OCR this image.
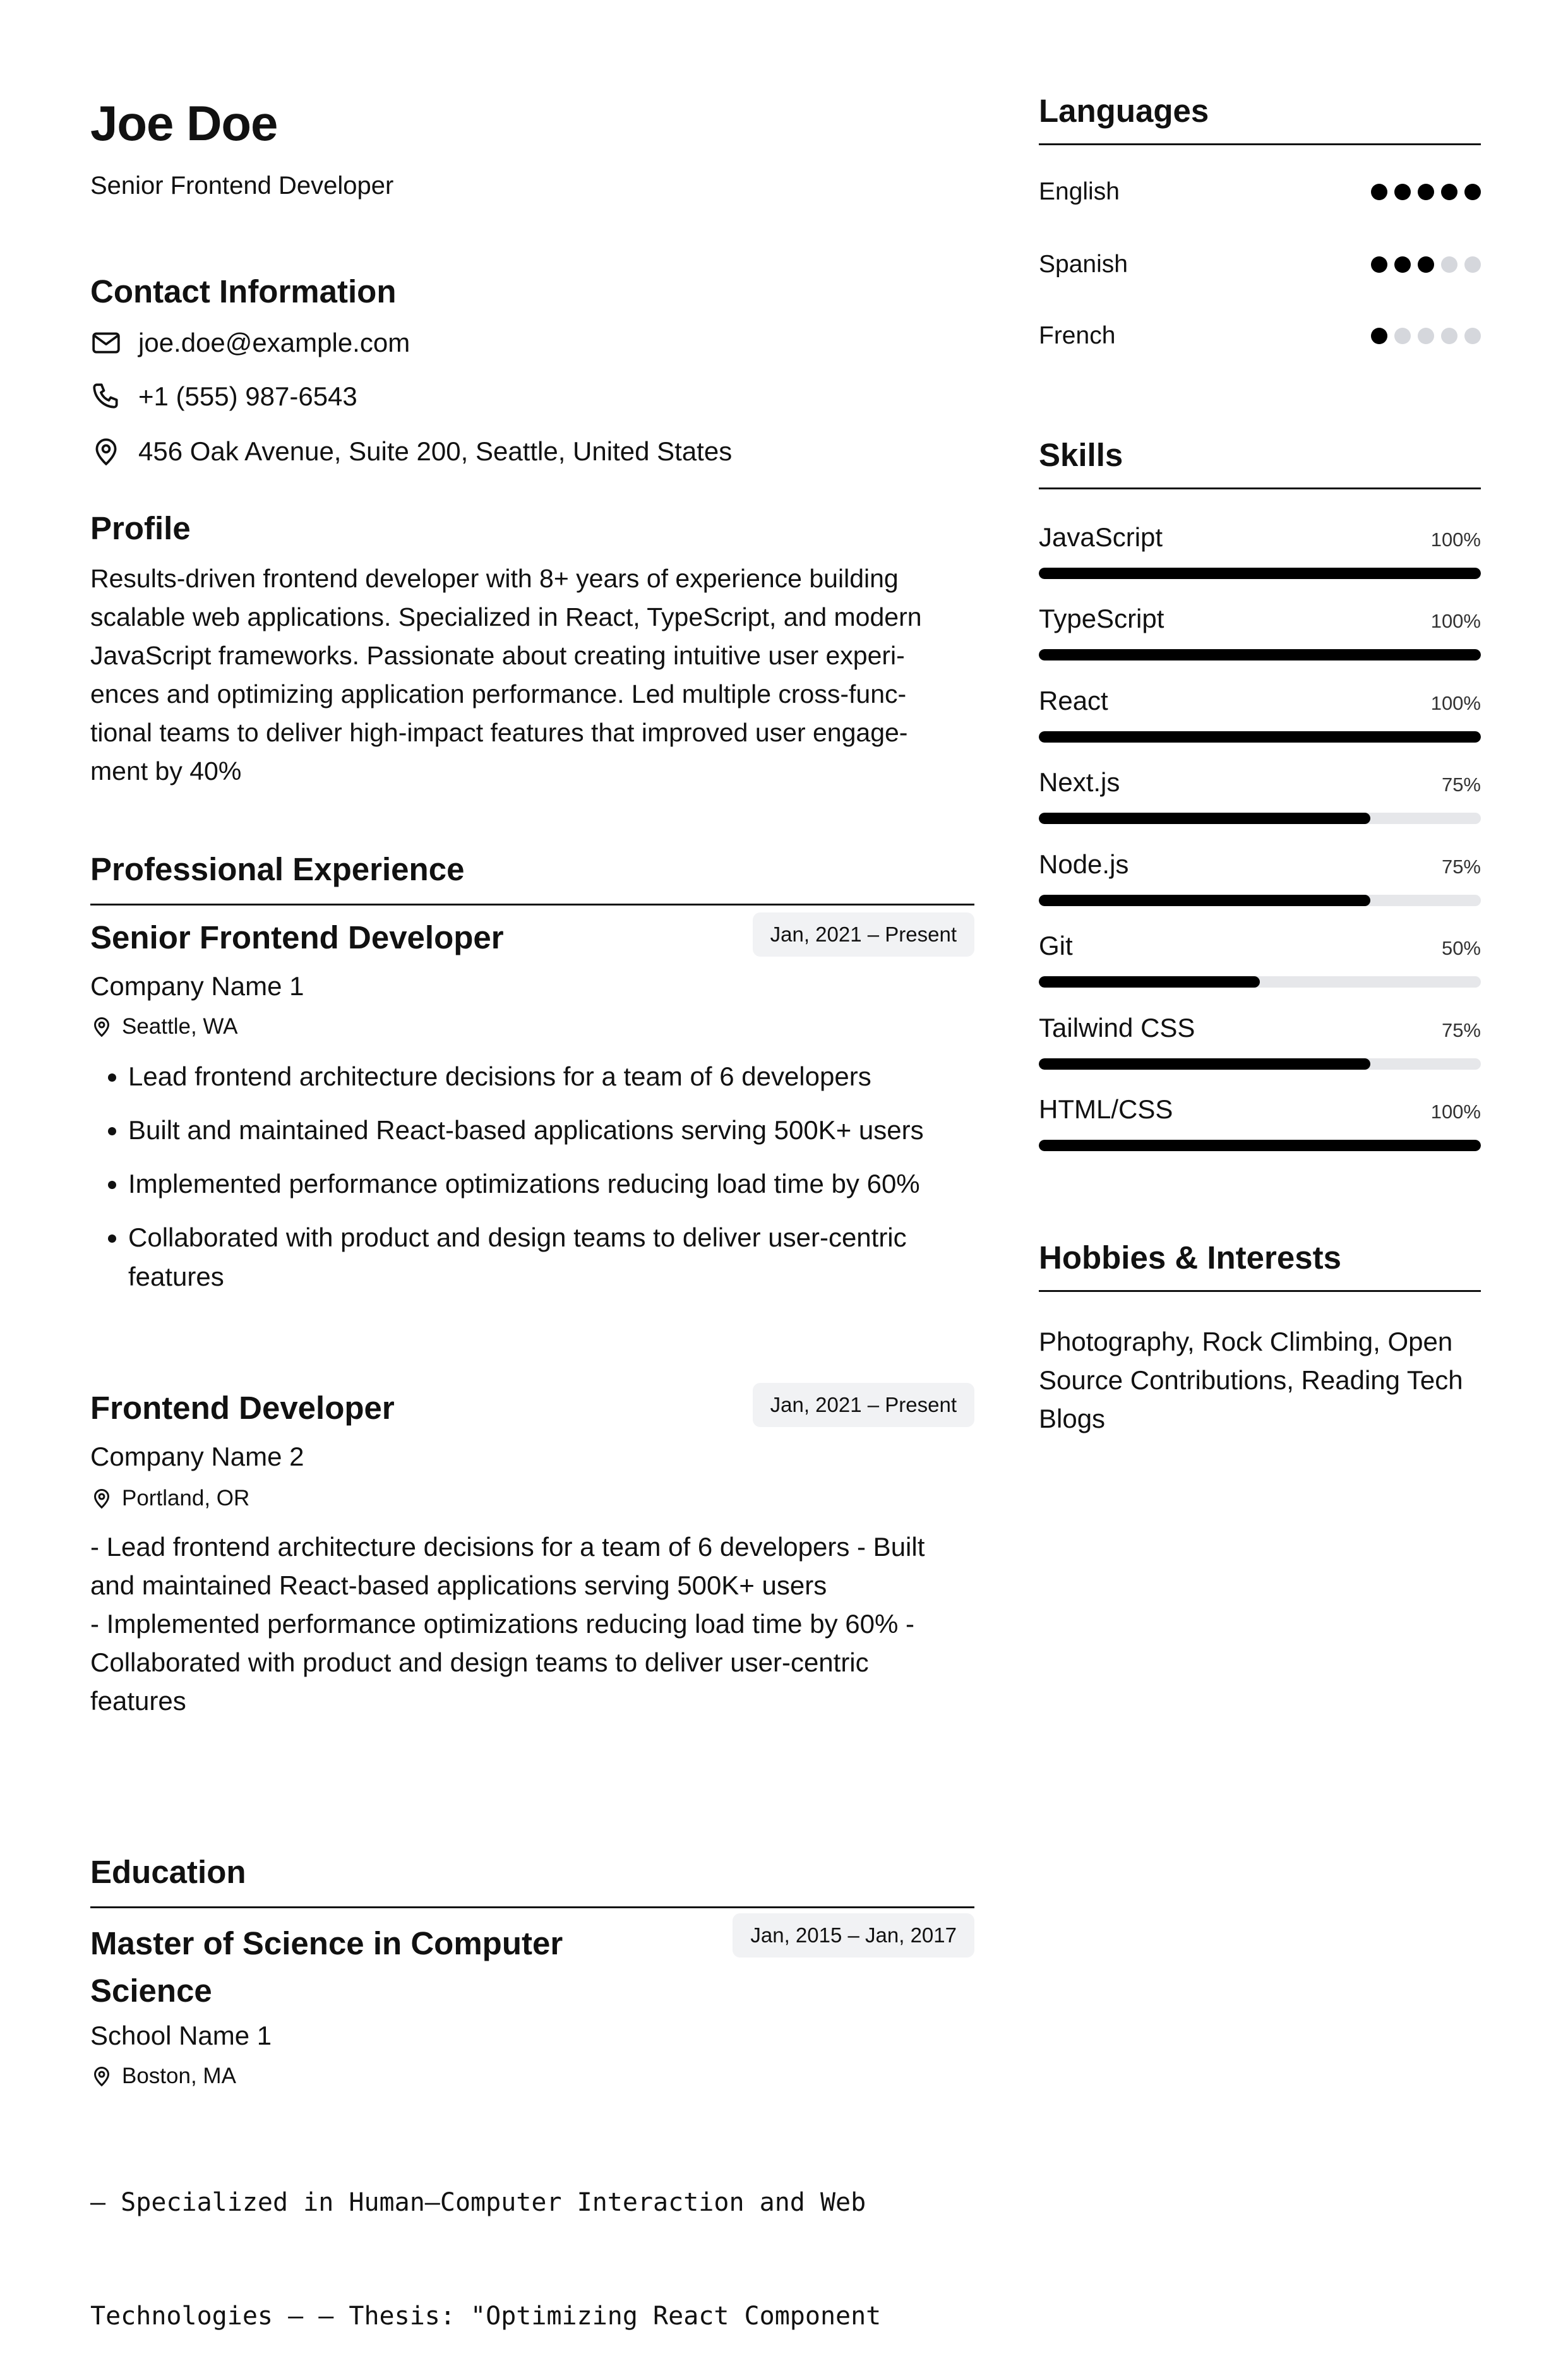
Joe Doe
Senior Frontend Developer
Contact Information
joe.doe@example.com
+1 (555) 987-6543
456 Oak Avenue, Suite 200, Seattle, United States
Profile
Results-driven frontend developer with 8+ years of experience building
scalable web applications. Specialized in React, TypeScript, and modern
JavaScript frameworks. Passionate about creating intuitive user experi-
ences and optimizing application performance. Led multiple cross-func-
tional teams to deliver high-impact features that improved user engage-
ment by 40%
Professional Experience
Senior Frontend Developer	Jan, 2021 – Present
Company Name 1
Seattle, WA
• Lead frontend architecture decisions for a team of 6 developers
• Built and maintained React-based applications serving 500K+ users
• Implemented performance optimizations reducing load time by 60%
• Collaborated with product and design teams to deliver user-centric features
Frontend Developer	Jan, 2021 – Present
Company Name 2
Portland, OR
- Lead frontend architecture decisions for a team of 6 developers - Built
and maintained React-based applications serving 500K+ users
- Implemented performance optimizations reducing load time by 60% -
Collaborated with product and design teams to deliver user-centric
features
Education
Master of Science in Computer
Science
Jan, 2015 – Jan, 2017
School Name 1
Boston, MA

– Specialized in Human–Computer Interaction and Web

Technologies – – Thesis: "Optimizing React Component

Languages
English
Spanish
French
Skills
JavaScript	100%
TypeScript	100%
React	100%
Next.js	75%
Node.js	75%
Git	50%
Tailwind CSS	75%
HTML/CSS	100%
Hobbies & Interests
Photography, Rock Climbing, Open
Source Contributions, Reading Tech
Blogs
